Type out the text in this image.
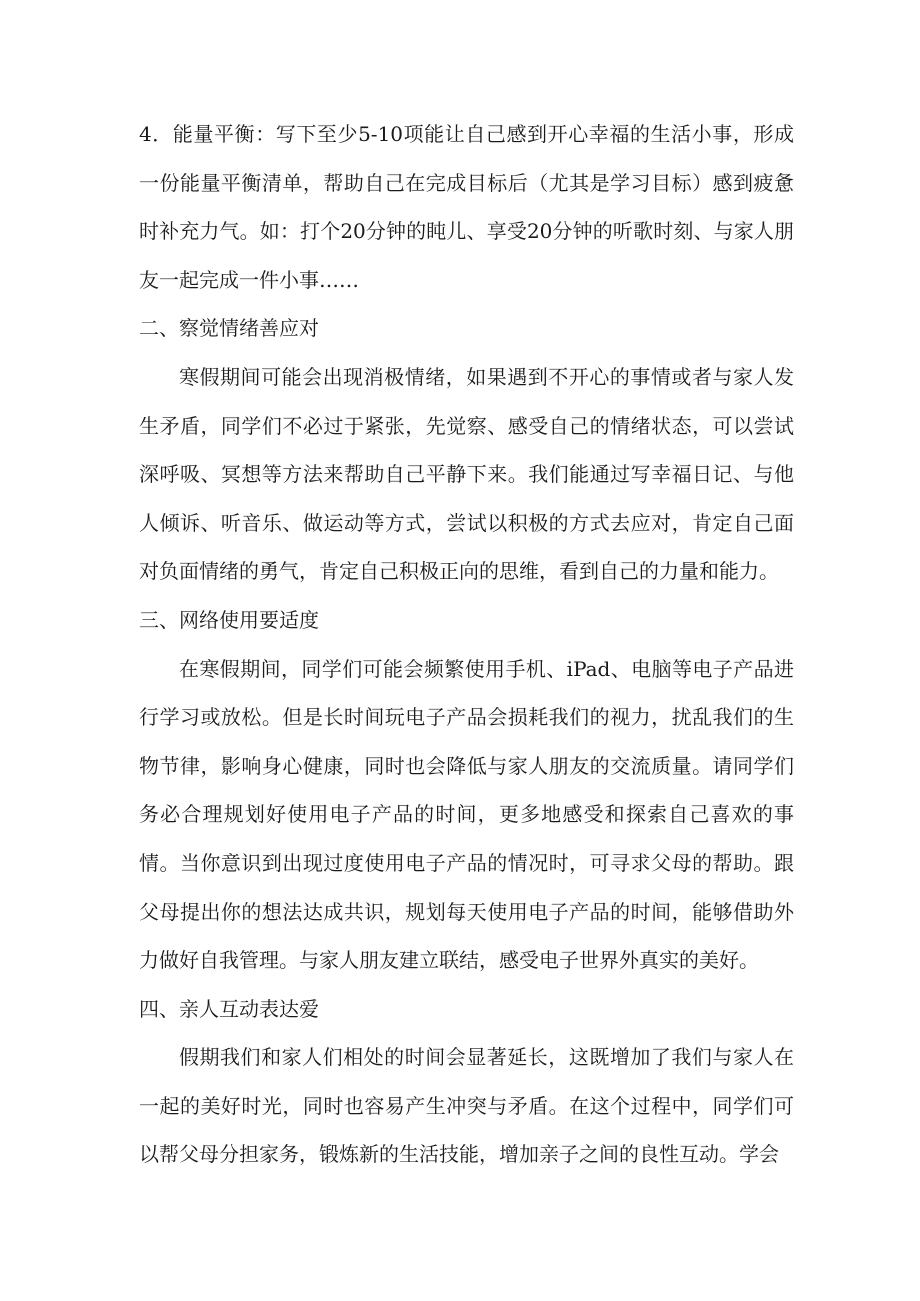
4．能量平衡：写下至少5-10项能让自己感到开心幸福的生活小事，形成一份能量平衡清单，帮助自己在完成目标后（尤其是学习目标）感到疲惫时补充力气。如：打个20分钟的盹儿、享受20分钟的听歌时刻、与家人朋友一起完成一件小事……

二、察觉情绪善应对

寒假期间可能会出现消极情绪，如果遇到不开心的事情或者与家人发生矛盾，同学们不必过于紧张，先觉察、感受自己的情绪状态，可以尝试深呼吸、冥想等方法来帮助自己平静下来。我们能通过写幸福日记、与他人倾诉、听音乐、做运动等方式，尝试以积极的方式去应对，肯定自己面对负面情绪的勇气，肯定自己积极正向的思维，看到自己的力量和能力。

三、网络使用要适度

在寒假期间，同学们可能会频繁使用手机、iPad、电脑等电子产品进行学习或放松。但是长时间玩电子产品会损耗我们的视力，扰乱我们的生物节律，影响身心健康，同时也会降低与家人朋友的交流质量。请同学们务必合理规划好使用电子产品的时间，更多地感受和探索自己喜欢的事情。当你意识到出现过度使用电子产品的情况时，可寻求父母的帮助。跟父母提出你的想法达成共识，规划每天使用电子产品的时间，能够借助外力做好自我管理。与家人朋友建立联结，感受电子世界外真实的美好。

四、亲人互动表达爱

假期我们和家人们相处的时间会显著延长，这既增加了我们与家人在一起的美好时光，同时也容易产生冲突与矛盾。在这个过程中，同学们可以帮父母分担家务，锻炼新的生活技能，增加亲子之间的良性互动。学会
